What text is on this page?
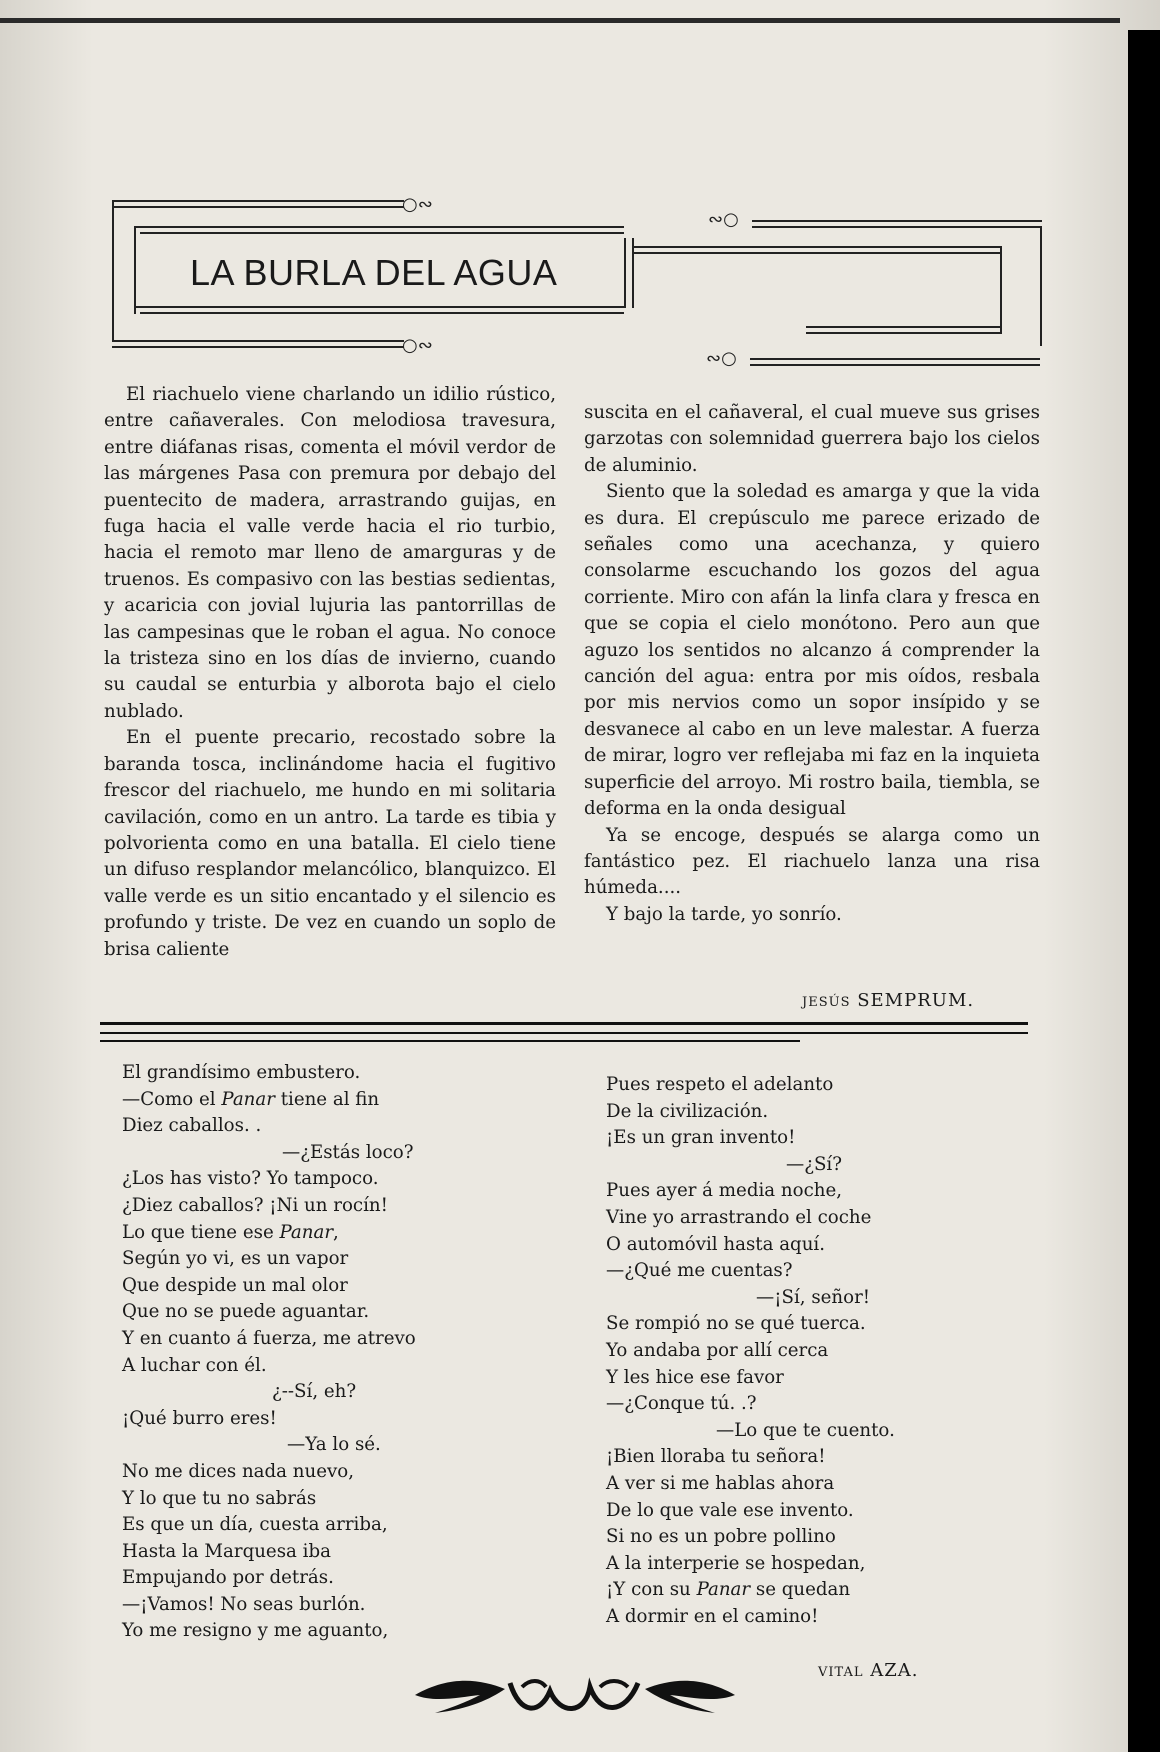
○∾
∾○
○∾
∾○
LA BURLA DEL AGUA

El riachuelo viene charlando un idilio rústico, entre cañaverales. Con melodiosa travesura, entre diáfanas risas, comenta el móvil verdor de las márgenes Pasa con premura por debajo del puentecito de madera, arrastrando guijas, en fuga hacia el valle verde hacia el rio turbio, hacia el remoto mar lleno de amarguras y de truenos. Es compasivo con las bestias sedientas, y acaricia con jovial lujuria las pantorrillas de las campesinas que le roban el agua. No conoce la tristeza sino en los días de invierno, cuando su caudal se enturbia y alborota bajo el cielo nublado.

En el puente precario, recostado sobre la baranda tosca, inclinándome hacia el fugitivo frescor del riachuelo, me hundo en mi solitaria cavilación, como en un antro. La tarde es tibia y polvorienta como en una batalla. El cielo tiene un difuso resplandor melancólico, blanquizco. El valle verde es un sitio encantado y el silencio es profundo y triste. De vez en cuando un soplo de brisa caliente

suscita en el cañaveral, el cual mueve sus grises garzotas con solemnidad guerrera bajo los cielos de aluminio.

Siento que la soledad es amarga y que la vida es dura. El crepúsculo me parece erizado de señales como una acechanza, y quiero consolarme escuchando los gozos del agua corriente. Miro con afán la linfa clara y fresca en que se copia el cielo monótono. Pero aun que aguzo los sentidos no alcanzo á comprender la canción del agua: entra por mis oídos, resbala por mis nervios como un sopor insípido y se desvanece al cabo en un leve malestar. A fuerza de mirar, logro ver reflejaba mi faz en la inquieta superficie del arroyo. Mi rostro baila, tiembla, se deforma en la onda desigual

Ya se encoge, después se alarga como un fantástico pez. El riachuelo lanza una risa húmeda....

Y bajo la tarde, yo sonrío.

JESÚS SEMPRUM.
El grandísimo embustero.
—Como el Panar tiene al fin
Diez caballos. .
—¿Estás loco?
¿Los has visto? Yo tampoco.
¿Diez caballos? ¡Ni un rocín!
Lo que tiene ese Panar,
Según yo vi, es un vapor
Que despide un mal olor
Que no se puede aguantar.
Y en cuanto á fuerza, me atrevo
A luchar con él.
¿--Sí, eh?
¡Qué burro eres!
—Ya lo sé.
No me dices nada nuevo,
Y lo que tu no sabrás
Es que un día, cuesta arriba,
Hasta la Marquesa iba
Empujando por detrás.
—¡Vamos! No seas burlón.
Yo me resigno y me aguanto,
Pues respeto el adelanto
De la civilización.
¡Es un gran invento!
—¿Sí?
Pues ayer á media noche,
Vine yo arrastrando el coche
O automóvil hasta aquí.
—¿Qué me cuentas?
—¡Sí, señor!
Se rompió no se qué tuerca.
Yo andaba por allí cerca
Y les hice ese favor
—¿Conque tú. .?
—Lo que te cuento.
¡Bien lloraba tu señora!
A ver si me hablas ahora
De lo que vale ese invento.
Si no es un pobre pollino
A la interperie se hospedan,
¡Y con su Panar se quedan
A dormir en el camino!
VITAL AZA.
